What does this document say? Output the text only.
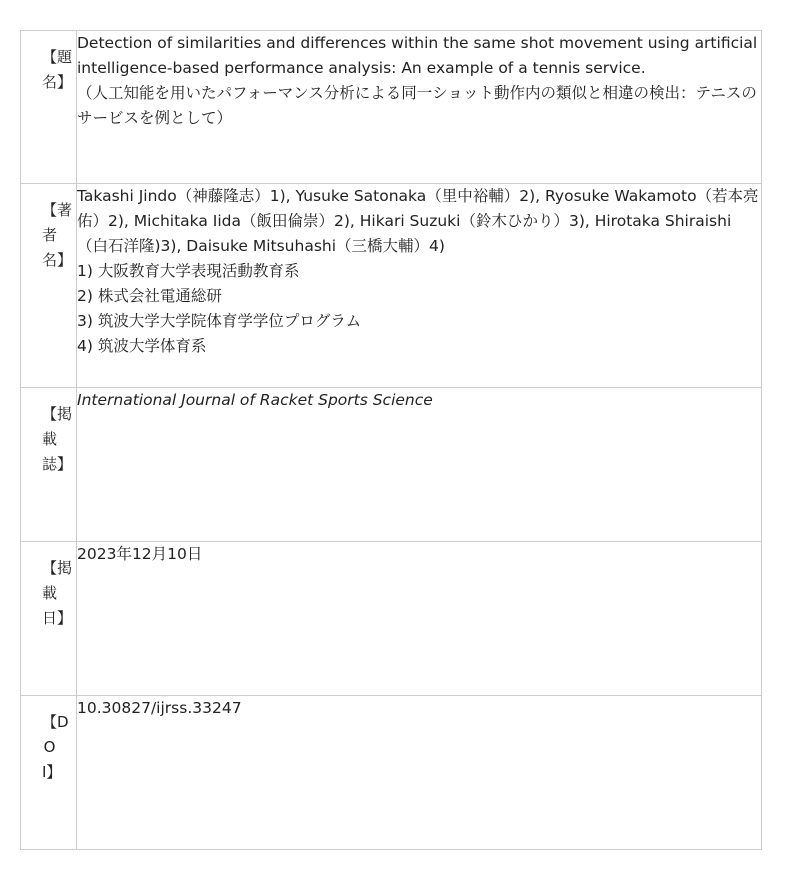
【題名】	Detection of similarities and differences within the same shot movement using artificial intelligence-based performance analysis: An example of a tennis service.
（人工知能を用いたパフォーマンス分析による同一ショット動作内の類似と相違の検出：テニスのサービスを例として）

【著者名】	Takashi Jindo（神藤隆志）1), Yusuke Satonaka（里中裕輔）2), Ryosuke Wakamoto（若本亮佑）2), Michitaka Iida（飯田倫崇）2), Hikari Suzuki（鈴木ひかり）3), Hirotaka Shiraishi（白石洋隆)3), Daisuke Mitsuhashi（三橋大輔）4)
1) 大阪教育大学表現活動教育系
2) 株式会社電通総研
3) 筑波大学大学院体育学学位プログラム
4) 筑波大学体育系

【掲載誌】	International Journal of Racket Sports Science

【掲載日】	2023年12月10日

【DOI】	10.30827/ijrss.33247
